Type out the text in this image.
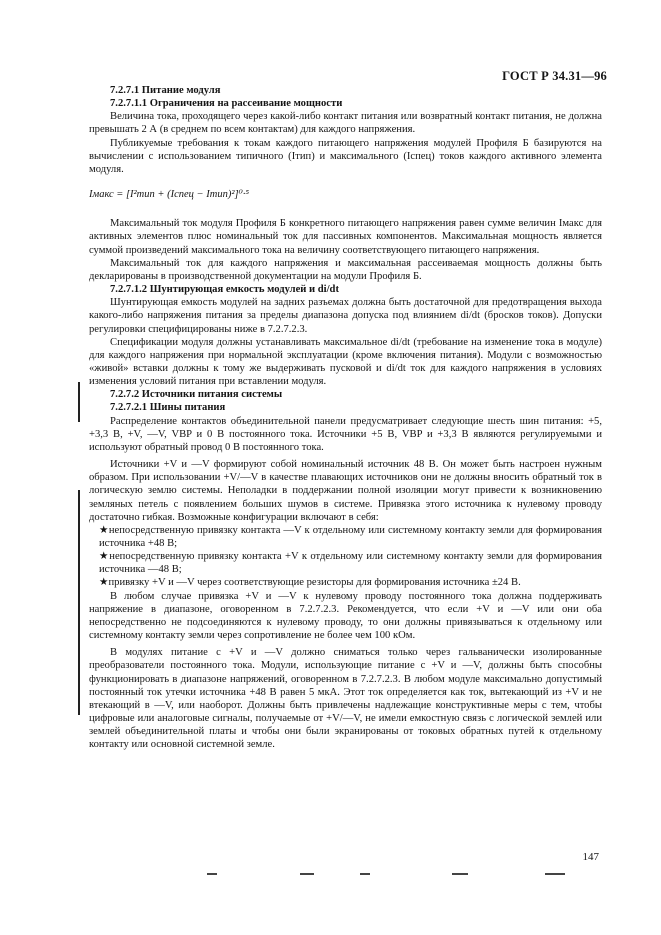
ГОСТ Р 34.31—96

7.2.7.1 Питание модуля

7.2.7.1.1 Ограничения на рассеивание мощности

Величина тока, проходящего через какой-либо контакт питания или возвратный контакт питания, не должна превышать 2 А (в среднем по всем контактам) для каждого напряжения.

Публикуемые требования к токам каждого питающего напряжения модулей Профиля Б базируются на вычислении с использованием типичного (Iтип) и максимального (Iспец) токов каждого активного элемента модуля.

Iмакс = [I²тип + (Iспец − Iтип)²]⁰·⁵

Максимальный ток модуля Профиля Б конкретного питающего напряжения равен сумме величин Iмакс для активных элементов плюс номинальный ток для пассивных компонентов. Максимальная мощность является суммой произведений максимального тока на величину соответствующего питающего напряжения.

Максимальный ток для каждого напряжения и максимальная рассеиваемая мощность должны быть декларированы в производственной документации на модули Профиля Б.

7.2.7.1.2 Шунтирующая емкость модулей и di/dt

Шунтирующая емкость модулей на задних разъемах должна быть достаточной для предотвращения выхода какого-либо напряжения питания за пределы диапазона допуска под влиянием di/dt (бросков токов). Допуски регулировки специфицированы ниже в 7.2.7.2.3.

Спецификации модуля должны устанавливать максимальное di/dt (требование на изменение тока в модуле) для каждого напряжения при нормальной эксплуатации (кроме включения питания). Модули с возможностью «живой» вставки должны к тому же выдерживать пусковой и di/dt ток для каждого напряжения в условиях изменения условий питания при вставлении модуля.

7.2.7.2 Источники питания системы

7.2.7.2.1 Шины питания

Распределение контактов объединительной панели предусматривает следующие шесть шин питания: +5, +3,3 В, +V, —V, VBP и 0 В постоянного тока. Источники +5 В, VBP и +3,3 В являются регулируемыми и используют обратный провод 0 В постоянного тока.

Источники +V и —V формируют собой номинальный источник 48 В. Он может быть настроен нужным образом. При использовании +V/—V в качестве плавающих источников они не должны вносить обратный ток в логическую землю системы. Неполадки в поддержании полной изоляции могут привести к возникновению земляных петель с появлением больших шумов в системе. Привязка этого источника к нулевому проводу достаточно гибкая. Возможные конфигурации включают в себя:

★непосредственную привязку контакта —V к отдельному или системному контакту земли для формирования источника +48 В;

★непосредственную привязку контакта +V к отдельному или системному контакту земли для формирования источника —48 В;

★привязку +V и —V через соответствующие резисторы для формирования источника ±24 В.

В любом случае привязка +V и —V к нулевому проводу постоянного тока должна поддерживать напряжение в диапазоне, оговоренном в 7.2.7.2.3. Рекомендуется, что если +V и —V или они оба непосредственно не подсоединяются к нулевому проводу, то они должны привязываться к отдельному или системному контакту земли через сопротивление не более чем 100 кОм.

В модулях питание с +V и —V должно сниматься только через гальванически изолированные преобразователи постоянного тока. Модули, использующие питание с +V и —V, должны быть способны функционировать в диапазоне напряжений, оговоренном в 7.2.7.2.3. В любом модуле максимально допустимый постоянный ток утечки источника +48 В равен 5 мкА. Этот ток определяется как ток, вытекающий из +V и не втекающий в —V, или наоборот. Должны быть привлечены надлежащие конструктивные меры с тем, чтобы цифровые или аналоговые сигналы, получаемые от +V/—V, не имели емкостную связь с логической землей или землей объединительной платы и чтобы они были экранированы от токовых обратных путей к отдельному контакту или основной системной земле.

147
